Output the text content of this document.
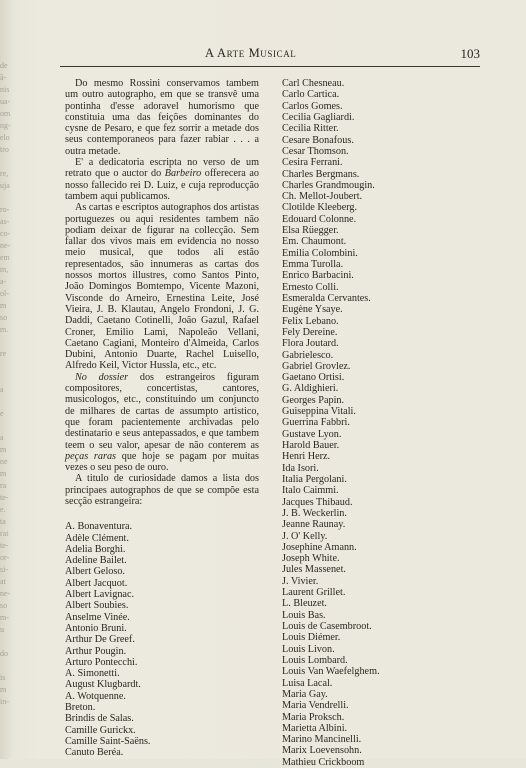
de
ã-
nis
ua-
om
ng-
elo
tro

re,
uja

ro-
as-
co-
ne-
em
m,
a-
ol-
m
so
m.

re

a

e

a
m
ne
m
ra
te-
e.
ta
rat
te-
or-
si-
at
ne-
so
m-
u

do

is
m
in-
A Arte Musical	103

Do mesmo Rossini conservamos tambem um outro autographo, em que se transvê uma pontinha d'esse adoravel humorismo que constituia uma das feições dominantes do cysne de Pesaro, e que fez sorrir a metade dos seus contemporaneos para fazer rabiar . . . a outra metade.

E' a dedicatoria escripta no verso de um retrato que o auctor do Barbeiro offerecera ao nosso fallecido rei D. Luiz, e cuja reproducção tambem aqui publicamos.

As cartas e escriptos autographos dos artistas portuguezes ou aqui residentes tambem não podiam deixar de figurar na collecção. Sem fallar dos vivos mais em evidencia no nosso meio musical, que todos ali estão representados, são innumeras as cartas dos nossos mortos illustres, como Santos Pinto, João Domingos Bomtempo, Vicente Mazoni, Visconde do Arneiro, Ernestina Leite, José Vieira, J. B. Klautau, Angelo Frondoni, J. G. Daddi, Caetano Cotinelli, João Gazul, Rafael Croner, Emilio Lami, Napoleão Vellani, Caetano Cagiani, Monteiro d'Almeida, Carlos Dubini, Antonio Duarte, Rachel Luisello, Alfredo Keil, Victor Hussla, etc., etc.

No dossier dos estrangeiros figuram compositores, concertistas, cantores, musicologos, etc., constituindo um conjuncto de milhares de cartas de assumpto artistico, que foram pacientemente archivadas pelo destinatario e seus antepassados, e que tambem teem o seu valor, apesar de não conterem as peças raras que hoje se pagam por muitas vezes o seu peso de ouro.

A titulo de curiosidade damos a lista dos principaes autographos de que se compõe esta secção estrangeira:

A. Bonaventura.
Adèle Clément.
Adelia Borghi.
Adeline Bailet.
Albert Geloso.
Albert Jacquot.
Albert Lavignac.
Albert Soubies.
Anselme Vinée.
Antonio Bruni.
Arthur De Greef.
Arthur Pougin.
Arturo Pontecchi.
A. Simonetti.
August Klugbardt.
A. Wotquenne.
Breton.
Brindis de Salas.
Camille Gurickx.
Camille Saint-Saëns.
Canuto Beréa.
Carl Chesneau.
Carlo Cartica.
Carlos Gomes.
Cecilia Gagliardi.
Cecilia Ritter.
Cesare Bonafous.
Cesar Thomson.
Cesira Ferrani.
Charles Bergmans.
Charles Grandmougin.
Ch. Mellot-Joubert.
Clotilde Kleeberg.
Edouard Colonne.
Elsa Rüegger.
Em. Chaumont.
Emilia Colombini.
Emma Turolla.
Enrico Barbacini.
Ernesto Colli.
Esmeralda Cervantes.
Eugène Ysaye.
Felix Lebano.
Fely Dereine.
Flora Joutard.
Gabrielesco.
Gabriel Grovlez.
Gaetano Ortisi.
G. Aldighieri.
Georges Papin.
Guiseppina Vitali.
Guerrina Fabbri.
Gustave Lyon.
Harold Bauer.
Henri Herz.
Ida Isori.
Italia Pergolani.
Italo Caimmi.
Jacques Thibaud.
J. B. Weckerlin.
Jeanne Raunay.
J. O' Kelly.
Josephine Amann.
Joseph White.
Jules Massenet.
J. Vivier.
Laurent Grillet.
L. Bleuzet.
Louis Bas.
Louis de Casembroot.
Louis Diémer.
Louis Livon.
Louis Lombard.
Louis Van Waefelghem.
Luisa Lacal.
Maria Gay.
Maria Vendrelli.
Maria Proksch.
Marietta Albini.
Marino Mancinelli.
Marix Loevensohn.
Mathieu Crickboom
